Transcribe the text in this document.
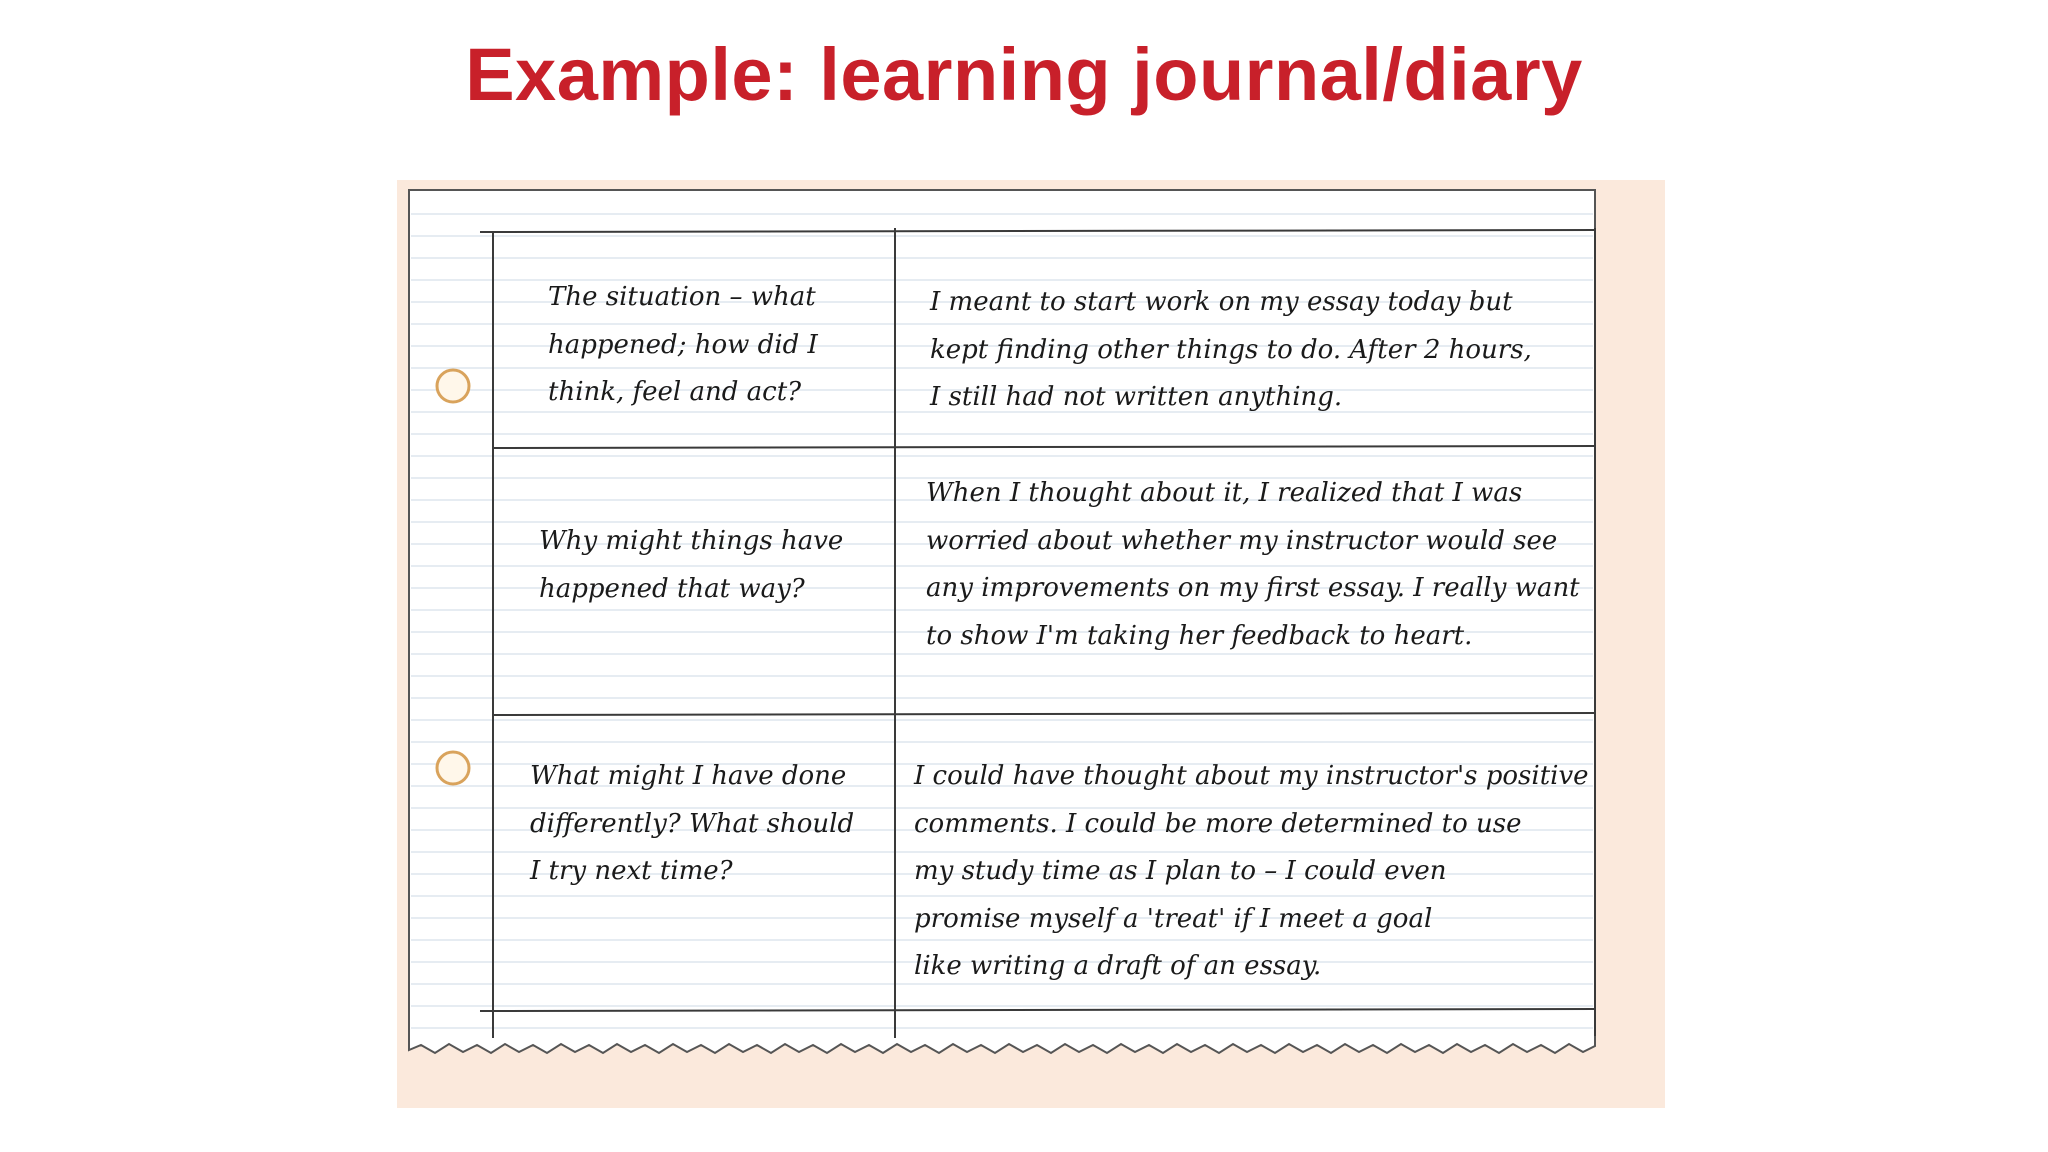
Example: learning journal/diary

The situation – what
happened; how did I
think, feel and act?

I meant to start work on my essay today but
kept finding other things to do. After 2 hours,
I still had not written anything.

Why might things have
happened that way?

When I thought about it, I realized that I was
worried about whether my instructor would see
any improvements on my first essay. I really want
to show I'm taking her feedback to heart.

What might I have done
differently? What should
I try next time?

I could have thought about my instructor's positive
comments. I could be more determined to use
my study time as I plan to – I could even
promise myself a 'treat' if I meet a goal
like writing a draft of an essay.
